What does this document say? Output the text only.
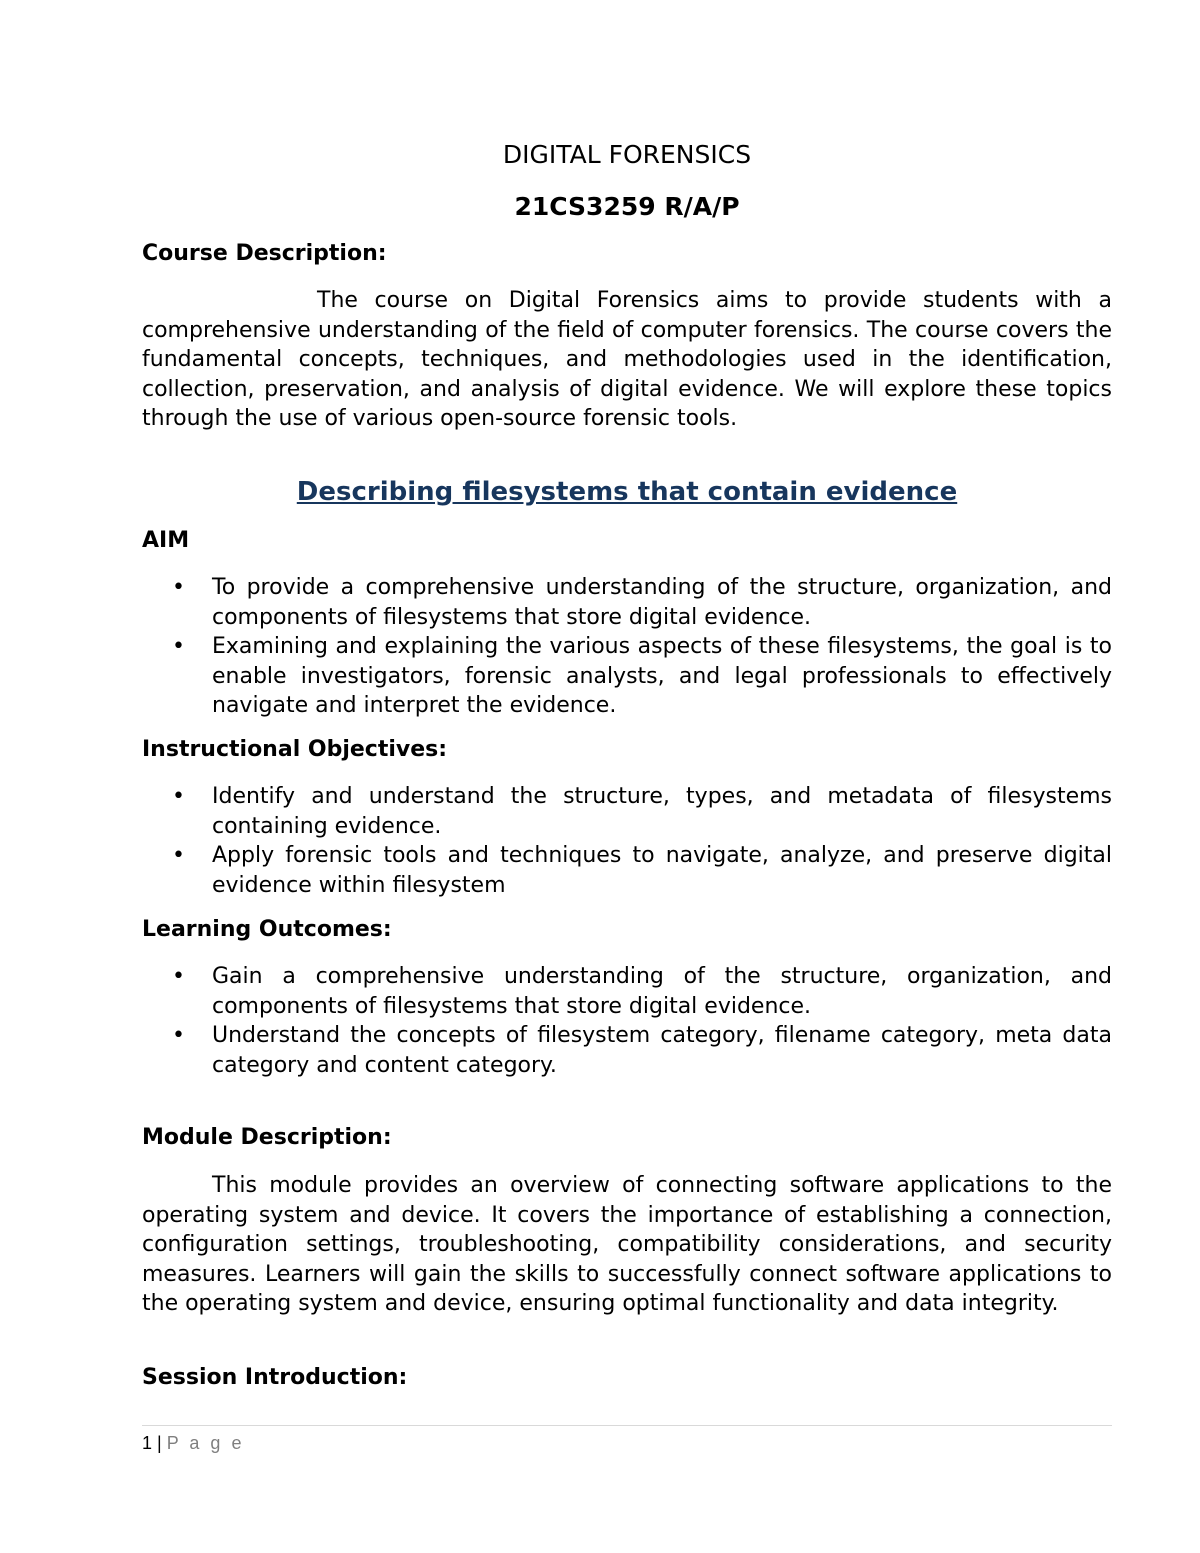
DIGITAL FORENSICS
21CS3259 R/A/P
Course Description:

The course on Digital Forensics aims to provide students with a comprehensive understanding of the field of computer forensics. The course covers the fundamental concepts, techniques, and methodologies used in the identification, collection, preservation, and analysis of digital evidence. We will explore these topics through the use of various open-source forensic tools.

Describing filesystems that contain evidence
AIM
• To provide a comprehensive understanding of the structure, organization, and components of filesystems that store digital evidence.
• Examining and explaining the various aspects of these filesystems, the goal is to enable investigators, forensic analysts, and legal professionals to effectively navigate and interpret the evidence.
Instructional Objectives:
• Identify and understand the structure, types, and metadata of filesystems containing evidence.
• Apply forensic tools and techniques to navigate, analyze, and preserve digital evidence within filesystem
Learning Outcomes:
• Gain a comprehensive understanding of the structure, organization, and components of filesystems that store digital evidence.
• Understand the concepts of filesystem category, filename category, meta data category and content category.
Module Description:

This module provides an overview of connecting software applications to the operating system and device. It covers the importance of establishing a connection, configuration settings, troubleshooting, compatibility considerations, and security measures. Learners will gain the skills to successfully connect software applications to the operating system and device, ensuring optimal functionality and data integrity.

Session Introduction:
1 | P a g e
